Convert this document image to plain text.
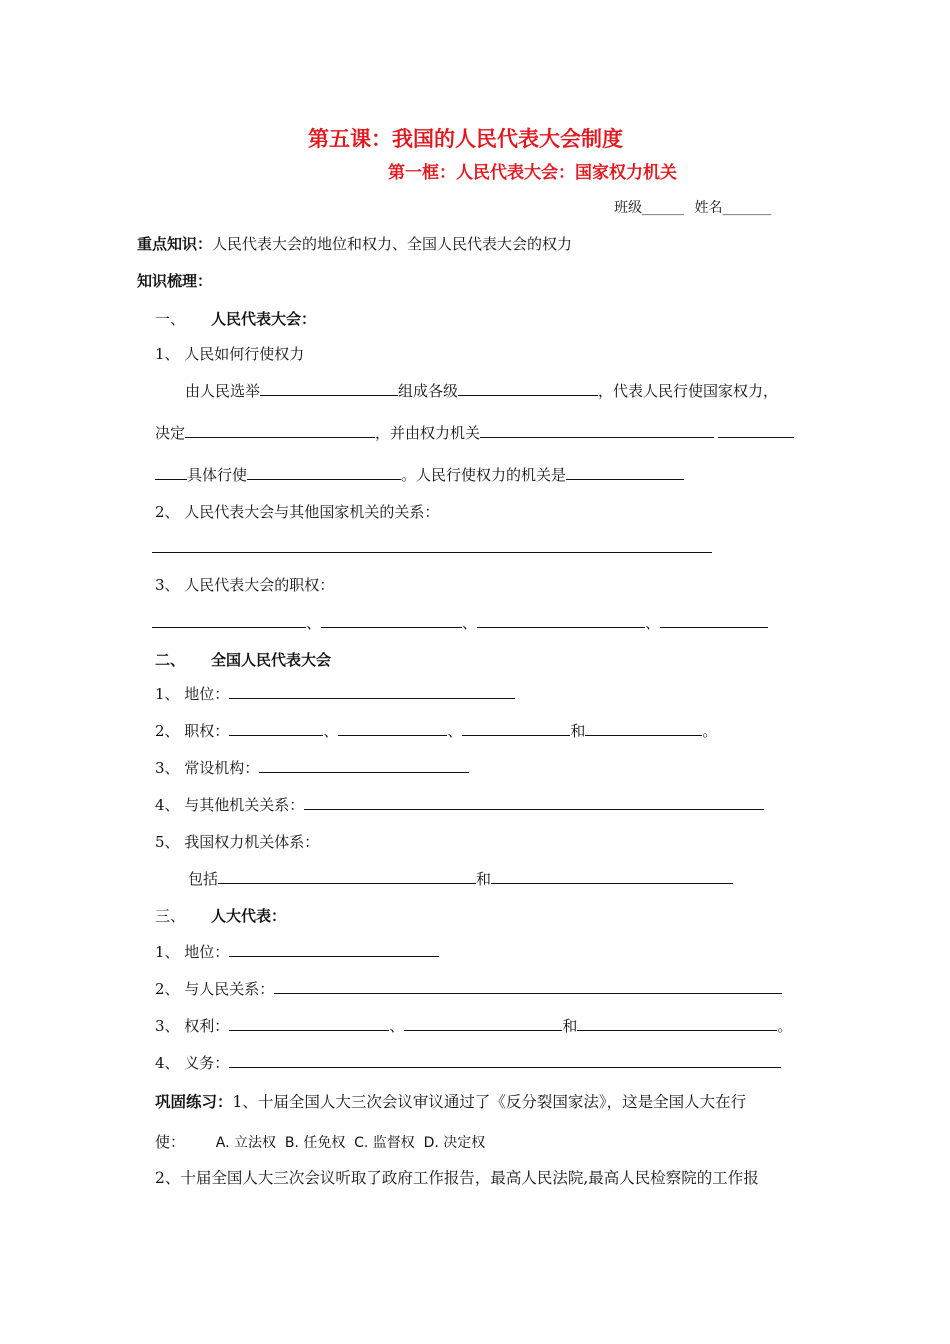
第五课：我国的人民代表大会制度
第一框：人民代表大会：国家权力机关
班级______ 姓名_______
重点知识：人民代表大会的地位和权力、全国人民代表大会的权力
知识梳理：
一、 人民代表大会：
1、 人民如何行使权力
由人民选举	组成各级	，代表人民行使国家权力，
决定	，并由权力机关
具体行使	。人民行使权力的机关是
2、 人民代表大会与其他国家机关的关系：
3、 人民代表大会的职权：
、	、	、
二、 全国人民代表大会
1、 地位：
2、 职权：	、	、	和	。
3、 常设机构：
4、 与其他机关关系：
5、 我国权力机关体系：
包括	和
三、 人大代表：
1、 地位：
2、 与人民关系：
3、 权利：	、	和	。
4、 义务：
巩固练习：1、十届全国人大三次会议审议通过了《反分裂国家法》，这是全国人大在行
使： A. 立法权 B. 任免权 C. 监督权 D. 决定权
2、十届全国人大三次会议听取了政府工作报告，最高人民法院,最高人民检察院的工作报
